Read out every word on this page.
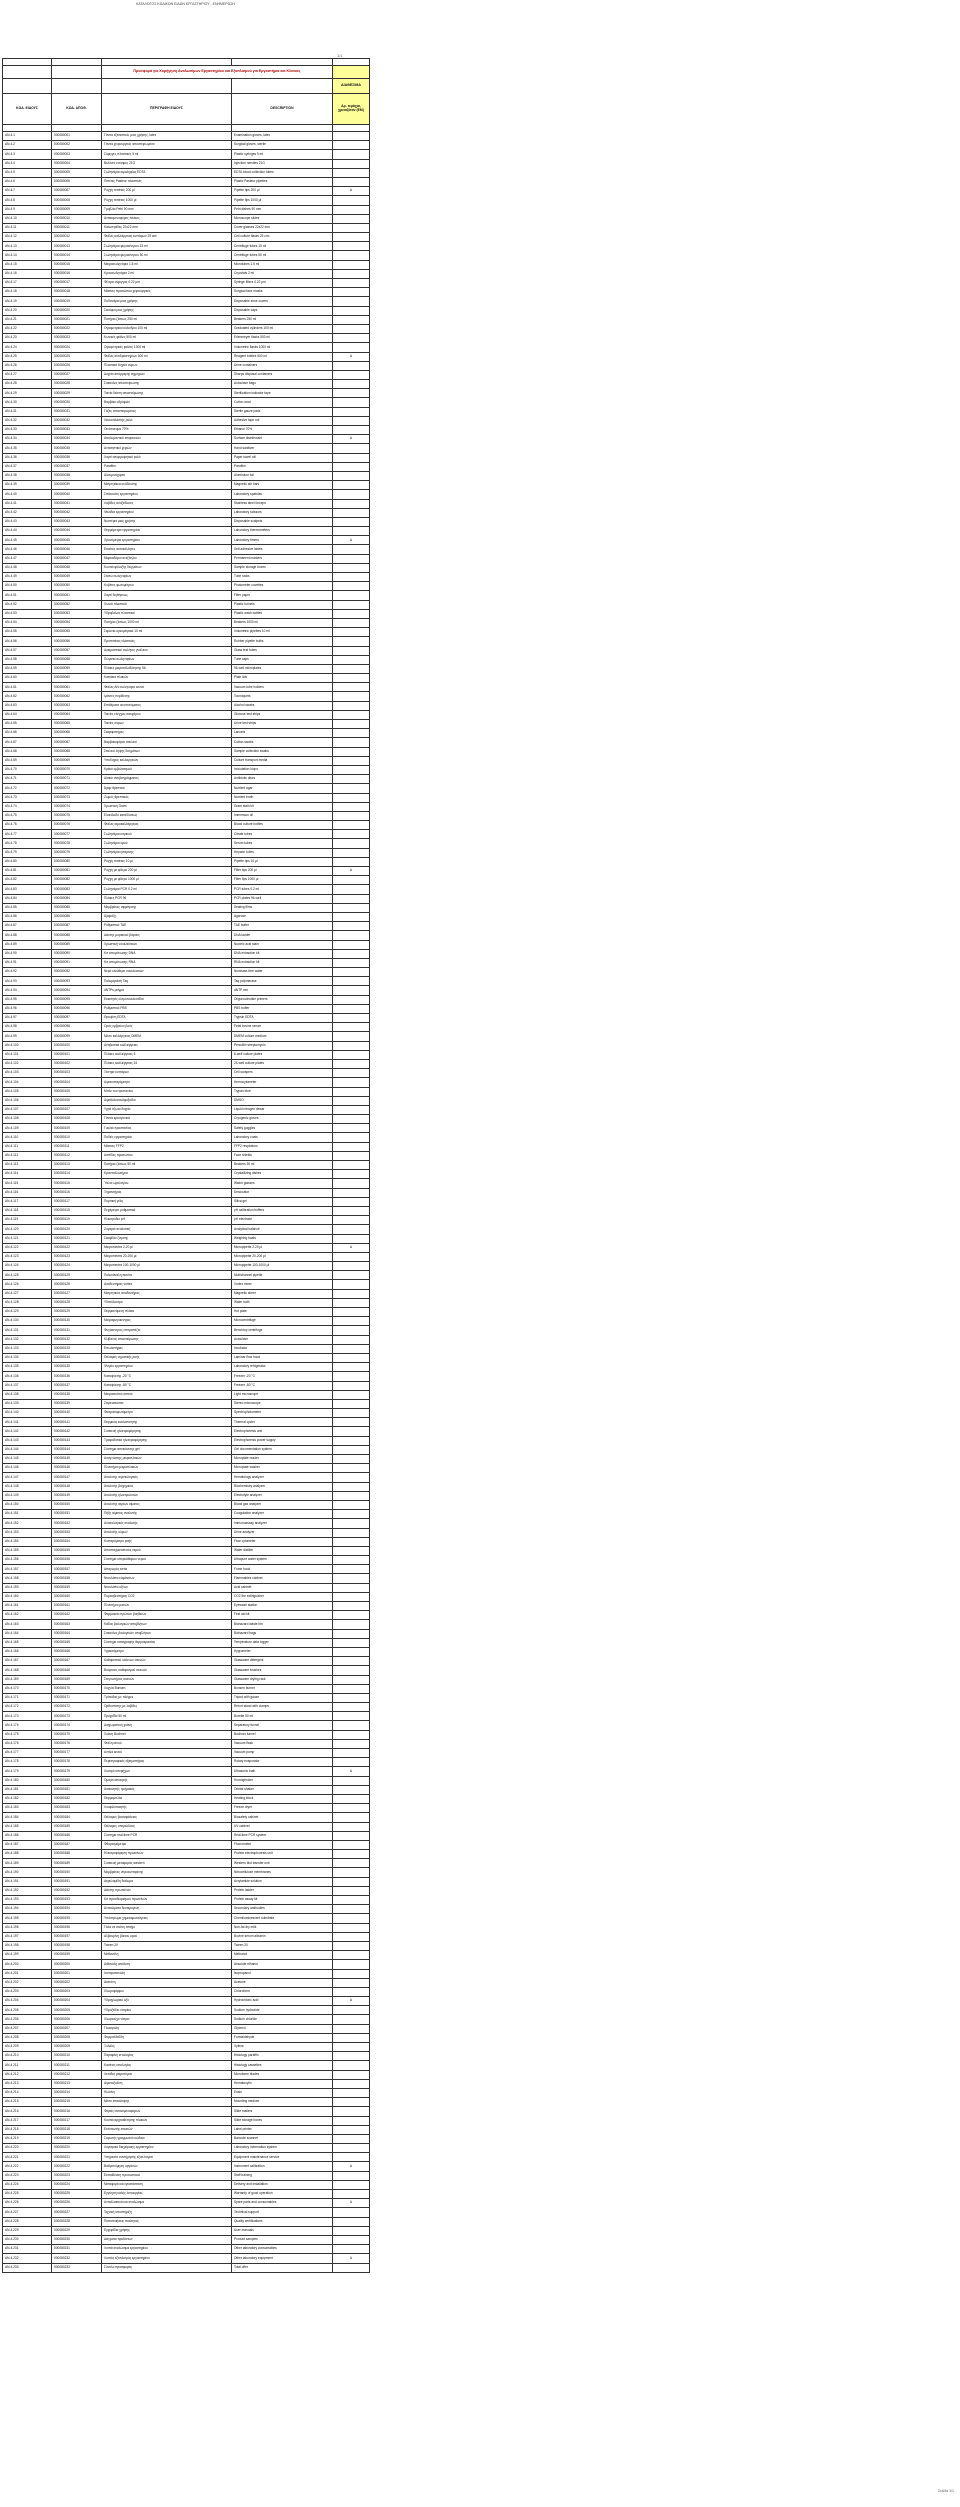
ΚΑΤΑΛΟΓΟΣ ΚΩΔΙΚΩΝ ΕΙΔΩΝ ΕΡΓΑΣΤΗΡΙΟΥ - ΕΝΗΜΕΡΩΣΗ
1/1

		Προσφορά για Χορήγηση Αναλωσίμων Εργαστηρίου και Εξοπλισμού για Εργαστήρια και Κλινικές		
				ΔΙΑΘΕΣΙΜΑ
ΚΩΔ. ΕΙΔΟΥΣ	ΚΩΔ. ΑΠΟΘ.	ΠΕΡΙΓΡΑΦΗ ΕΙΔΟΥΣ	DESCRIPTION	Αρ. τεμάχια, χρειαζόταν (ΕΜ)

ΑΝ-4.1	000080001	Γάντια εξεταστικά, μιας χρήσης, latex	Examination gloves, latex	
ΑΝ-4.2	000080002	Γάντια χειρουργικά, αποστειρωμένα	Surgical gloves, sterile	
ΑΝ-4.3	000080003	Σύριγγες πλαστικές 5 ml	Plastic syringes 5 ml	
ΑΝ-4.4	000080004	Βελόνες ενέσιμες 21G	Injection needles 21G	
ΑΝ-4.5	000080005	Σωληνάρια αιμοληψίας EDTA	EDTA blood collection tubes	
ΑΝ-4.6	000080006	Πιπέτες Pasteur πλαστικές	Plastic Pasteur pipettes	
ΑΝ-4.7	000080007	Ρύγχη πιπέτας 200 μl	Pipette tips 200 μl	Α
ΑΝ-4.8	000080008	Ρύγχη πιπέτας 1000 μl	Pipette tips 1000 μl	
ΑΝ-4.9	000080009	Τρυβλία Petri 90 mm	Petri dishes 90 mm	
ΑΝ-4.10	000080010	Αντικειμενοφόρες πλάκες	Microscope slides	
ΑΝ-4.11	000080011	Καλυπτρίδες 22x22 mm	Cover glasses 22x22 mm	
ΑΝ-4.12	000080012	Φιάλες καλλιέργειας κυττάρων 25 cm²	Cell culture flasks 25 cm²	
ΑΝ-4.13	000080013	Σωληνάρια φυγοκέντρου 15 ml	Centrifuge tubes 15 ml	
ΑΝ-4.14	000080014	Σωληνάρια φυγοκέντρου 50 ml	Centrifuge tubes 50 ml	
ΑΝ-4.15	000080015	Μικροσωληνάρια 1.5 ml	Microtubes 1.5 ml	
ΑΝ-4.16	000080016	Κρυοσωληνάρια 2 ml	Cryovials 2 ml	
ΑΝ-4.17	000080017	Φίλτρα σύριγγας 0.22 μm	Syringe filters 0.22 μm	
ΑΝ-4.18	000080018	Μάσκες προσώπου χειρουργικές	Surgical face masks	
ΑΝ-4.19	000080019	Ποδονάρια μιας χρήσης	Disposable shoe covers	
ΑΝ-4.20	000080020	Σκούφοι μιας χρήσης	Disposable caps	
ΑΝ-4.21	000080021	Ποτήρια ζέσεως 250 ml	Beakers 250 ml	
ΑΝ-4.22	000080022	Ογκομετρικοί κύλινδροι 100 ml	Graduated cylinders 100 ml	
ΑΝ-4.23	000080023	Κωνικές φιάλες 500 ml	Erlenmeyer flasks 500 ml	
ΑΝ-4.24	000080024	Ογκομετρικές φιάλες 1000 ml	Volumetric flasks 1000 ml	
ΑΝ-4.25	000080025	Φιάλες αντιδραστηρίων 500 ml	Reagent bottles 500 ml	Α
ΑΝ-4.26	000080026	Πλαστικά δοχεία ούρων	Urine containers	
ΑΝ-4.27	000080027	Δοχεία απόρριψης αιχμηρών	Sharps disposal containers	
ΑΝ-4.28	000080028	Σακούλες αποστείρωσης	Autoclave bags	
ΑΝ-4.29	000080029	Ταινία δείκτη αποστείρωσης	Sterilization indicator tape	
ΑΝ-4.30	000080030	Βαμβάκι υδρόφιλο	Cotton wool	
ΑΝ-4.31	000080031	Γάζες αποστειρωμένες	Sterile gauze pads	
ΑΝ-4.32	000080032	Λευκοπλάστης ρολό	Adhesive tape roll	
ΑΝ-4.33	000080033	Οινόπνευμα 70%	Ethanol 70%	
ΑΝ-4.34	000080034	Απολυμαντικό επιφανειών	Surface disinfectant	Α
ΑΝ-4.35	000080035	Αντισηπτικό χεριών	Hand sanitizer	
ΑΝ-4.36	000080036	Χαρτί απορροφητικό ρολό	Paper towel roll	
ΑΝ-4.37	000080037	Parafilm	Parafilm	
ΑΝ-4.38	000080038	Αλουμινόχαρτο	Aluminium foil	
ΑΝ-4.39	000080039	Μαγνητάκια ανάδευσης	Magnetic stir bars	
ΑΝ-4.40	000080040	Σπάτουλες εργαστηρίου	Laboratory spatulas	
ΑΝ-4.41	000080041	Λαβίδες ανοξείδωτες	Stainless steel forceps	
ΑΝ-4.42	000080042	Ψαλίδια εργαστηρίου	Laboratory scissors	
ΑΝ-4.43	000080043	Νυστέρια μιας χρήσης	Disposable scalpels	
ΑΝ-4.44	000080044	Θερμόμετρα εργαστηρίου	Laboratory thermometers	
ΑΝ-4.45	000080045	Χρονόμετρα εργαστηρίου	Laboratory timers	Α
ΑΝ-4.46	000080046	Ετικέτες αυτοκόλλητες	Self-adhesive labels	
ΑΝ-4.47	000080047	Μαρκαδόροι ανεξίτηλοι	Permanent markers	
ΑΝ-4.48	000080048	Κουτιά φύλαξης δειγμάτων	Sample storage boxes	
ΑΝ-4.49	000080049	Στατώ σωληναρίων	Tube racks	
ΑΝ-4.50	000080050	Κυβέτες φωτομέτρου	Photometer cuvettes	
ΑΝ-4.51	000080051	Χαρτί διηθήσεως	Filter paper	
ΑΝ-4.52	000080052	Χωνιά πλαστικά	Plastic funnels	
ΑΝ-4.53	000080053	Υδροβολείς πλαστικοί	Plastic wash bottles	
ΑΝ-4.54	000080054	Ποτήρια ζέσεως 1000 ml	Beakers 1000 ml	
ΑΝ-4.55	000080055	Σιφώνια ογκομετρικά 10 ml	Volumetric pipettes 10 ml	
ΑΝ-4.56	000080056	Προπιπέτες ελαστικές	Rubber pipette bulbs	
ΑΝ-4.57	000080057	Δοκιμαστικοί σωλήνες γυάλινοι	Glass test tubes	
ΑΝ-4.58	000080058	Πώματα σωληναρίων	Tube caps	
ΑΝ-4.59	000080059	Πλάκες μικροτιτλοδότησης 96	96-well microplates	
ΑΝ-4.60	000080060	Καπάκια πλακών	Plate lids	
ΑΝ-4.61	000080061	Φιάλες ΑΝ σωληνάριο κενού	Vacuum tube holders	
ΑΝ-4.62	000080062	Ιμάντες περίδεσης	Tourniquets	
ΑΝ-4.63	000080063	Επιθέματα οινοπνεύματος	Alcohol swabs	
ΑΝ-4.64	000080064	Ταινίες ελέγχου σακχάρου	Glucose test strips	
ΑΝ-4.65	000080065	Ταινίες ούρων	Urine test strips	
ΑΝ-4.66	000080066	Σκαρφιστήρες	Lancets	
ΑΝ-4.67	000080067	Βαμβακοφόροι στειλεοί	Cotton swabs	
ΑΝ-4.68	000080068	Στειλεοί λήψης δειγμάτων	Sample collection swabs	
ΑΝ-4.69	000080069	Υποδοχείς καλλιεργειών	Culture transport media	
ΑΝ-4.70	000080070	Κρίκοι εμβολιασμού	Inoculation loops	
ΑΝ-4.71	000080071	Δίσκοι αντιβιογράμματος	Antibiotic discs	
ΑΝ-4.72	000080072	Άγαρ θρεπτικό	Nutrient agar	
ΑΝ-4.73	000080073	Ζωμός θρεπτικός	Nutrient broth	
ΑΝ-4.74	000080074	Χρωστική Gram	Gram stain kit	
ΑΝ-4.75	000080075	Ελαιόλαδο καταδύσεως	Immersion oil	
ΑΝ-4.76	000080076	Φιάλες αιμοκαλλιέργειας	Blood culture bottles	
ΑΝ-4.77	000080077	Σωληνάρια κιτρικού	Citrate tubes	
ΑΝ-4.78	000080078	Σωληνάρια ορού	Serum tubes	
ΑΝ-4.79	000080079	Σωληνάρια ηπαρίνης	Heparin tubes	
ΑΝ-4.80	000080080	Ρύγχη πιπέτας 10 μl	Pipette tips 10 μl	
ΑΝ-4.81	000080081	Ρύγχη με φίλτρο 200 μl	Filter tips 200 μl	Α
ΑΝ-4.82	000080082	Ρύγχη με φίλτρο 1000 μl	Filter tips 1000 μl	
ΑΝ-4.83	000080083	Σωληνάρια PCR 0.2 ml	PCR tubes 0.2 ml	
ΑΝ-4.84	000080084	Πλάκες PCR 96	PCR plates 96-well	
ΑΝ-4.85	000080085	Μεμβράνες σφράγισης	Sealing films	
ΑΝ-4.86	000080086	Αγαρόζη	Agarose	
ΑΝ-4.87	000080087	Ρυθμιστικό TAE	TAE buffer	
ΑΝ-4.88	000080088	Δείκτης μοριακού βάρους	DNA ladder	
ΑΝ-4.89	000080089	Χρωστική νουκλεϊνικών	Nucleic acid stain	
ΑΝ-4.90	000080090	Κιτ απομόνωσης DNA	DNA extraction kit	
ΑΝ-4.91	000080091	Κιτ απομόνωσης RNA	RNA extraction kit	
ΑΝ-4.92	000080092	Νερό ελεύθερο νουκλεασών	Nuclease-free water	
ΑΝ-4.93	000080093	Πολυμεράση Taq	Taq polymerase	
ΑΝ-4.94	000080094	dNTPs μείγμα	dNTP mix	
ΑΝ-4.95	000080095	Εκκινητές ολιγονουκλεοτίδια	Oligonucleotide primers	
ΑΝ-4.96	000080096	Ρυθμιστικό PBS	PBS buffer	
ΑΝ-4.97	000080097	Θρυψίνη EDTA	Trypsin EDTA	
ΑΝ-4.98	000080098	Ορός εμβρύου βοός	Fetal bovine serum	
ΑΝ-4.99	000080099	Μέσο καλλιέργειας DMEM	DMEM culture medium	
ΑΝ-4.100	000080100	Αντιβιοτικά καλλιέργειας	Penicillin streptomycin	
ΑΝ-4.101	000080101	Πλάκες καλλιέργειας 6	6-well culture plates	
ΑΝ-4.102	000080102	Πλάκες καλλιέργειας 24	24-well culture plates	
ΑΝ-4.103	000080103	Ξέστρα κυττάρων	Cell scrapers	
ΑΝ-4.104	000080104	Αιμοκυτταρόμετρο	Hemocytometer	
ΑΝ-4.105	000080105	Μπλε του τρυπανίου	Trypan blue	
ΑΝ-4.106	000080106	Διμεθυλοσουλφοξείδιο	DMSO	
ΑΝ-4.107	000080107	Υγρό άζωτο δοχείο	Liquid nitrogen dewar	
ΑΝ-4.108	000080108	Γάντια κρυογονικά	Cryogenic gloves	
ΑΝ-4.109	000080109	Γυαλιά προστασίας	Safety goggles	
ΑΝ-4.110	000080110	Ποδιές εργαστηρίου	Laboratory coats	
ΑΝ-4.111	000080111	Μάσκες FFP2	FFP2 respirators	
ΑΝ-4.112	000080112	Ασπίδες προσώπου	Face shields	
ΑΝ-4.113	000080113	Ποτήρια ζέσεως 50 ml	Beakers 50 ml	
ΑΝ-4.114	000080114	Κρυσταλλωτήρια	Crystallizing dishes	
ΑΝ-4.115	000080115	Ύαλοι ωρολογίου	Watch glasses	
ΑΝ-4.116	000080116	Ξηραντήρας	Desiccator	
ΑΝ-4.117	000080117	Πυριτική γέλη	Silica gel	
ΑΝ-4.118	000080118	Πεχάμετρο ρυθμιστικά	pH calibration buffers	
ΑΝ-4.119	000080119	Ηλεκτρόδιο pH	pH electrode	
ΑΝ-4.120	000080120	Ζυγαριά αναλυτική	Analytical balance	
ΑΝ-4.121	000080121	Σκαφίδια ζύγισης	Weighing boats	
ΑΝ-4.122	000080122	Μικροπιπέτα 2-20 μl	Micropipette 2-20 μl	Α
ΑΝ-4.123	000080123	Μικροπιπέτα 20-200 μl	Micropipette 20-200 μl	
ΑΝ-4.124	000080124	Μικροπιπέτα 100-1000 μl	Micropipette 100-1000 μl	
ΑΝ-4.125	000080125	Πολυκάναλη πιπέτα	Multichannel pipette	
ΑΝ-4.126	000080126	Αναδευτήρας vortex	Vortex mixer	
ΑΝ-4.127	000080127	Μαγνητικός αναδευτήρας	Magnetic stirrer	
ΑΝ-4.128	000080128	Υδατόλουτρο	Water bath	
ΑΝ-4.129	000080129	Θερμαινόμενη πλάκα	Hot plate	
ΑΝ-4.130	000080130	Μικροφυγόκεντρος	Microcentrifuge	
ΑΝ-4.131	000080131	Φυγόκεντρος επιτραπέζια	Benchtop centrifuge	
ΑΝ-4.132	000080132	Κλίβανος αποστείρωσης	Autoclave	
ΑΝ-4.133	000080133	Επωαστήρας	Incubator	
ΑΝ-4.134	000080134	Θάλαμος νηματικής ροής	Laminar flow hood	
ΑΝ-4.135	000080135	Ψυγείο εργαστηρίου	Laboratory refrigerator	
ΑΝ-4.136	000080136	Καταψύκτης -20 °C	Freezer -20 °C	
ΑΝ-4.137	000080137	Καταψύκτης -80 °C	Freezer -80 °C	
ΑΝ-4.138	000080138	Μικροσκόπιο οπτικό	Light microscope	
ΑΝ-4.139	000080139	Στερεοσκόπιο	Stereo microscope	
ΑΝ-4.140	000080140	Φασματοφωτόμετρο	Spectrophotometer	
ΑΝ-4.141	000080141	Θερμικός κυκλοποιητής	Thermal cycler	
ΑΝ-4.142	000080142	Συσκευή ηλεκτροφόρησης	Electrophoresis unit	
ΑΝ-4.143	000080143	Τροφοδοτικό ηλεκτροφόρησης	Electrophoresis power supply	
ΑΝ-4.144	000080144	Σύστημα απεικόνισης gel	Gel documentation system	
ΑΝ-4.145	000080145	Αναγνώστης μικροπλακών	Microplate reader	
ΑΝ-4.146	000080146	Πλυντήριο μικροπλακών	Microplate washer	
ΑΝ-4.147	000080147	Αναλυτής αιματολογικός	Hematology analyzer	
ΑΝ-4.148	000080148	Αναλυτής βιοχημικός	Biochemistry analyzer	
ΑΝ-4.149	000080149	Αναλυτής ηλεκτρολυτών	Electrolyte analyzer	
ΑΝ-4.150	000080150	Αναλυτής αερίων αίματος	Blood gas analyzer	
ΑΝ-4.151	000080151	Πήξη αίματος αναλυτής	Coagulation analyzer	
ΑΝ-4.152	000080152	Ανοσολογικός αναλυτής	Immunoassay analyzer	
ΑΝ-4.153	000080153	Αναλυτής ούρων	Urine analyzer	
ΑΝ-4.154	000080154	Κυτταρόμετρο ροής	Flow cytometer	
ΑΝ-4.155	000080155	Αποσταγματοποιός νερού	Water distiller	
ΑΝ-4.156	000080156	Σύστημα υπερκάθαρου νερού	Ultrapure water system	
ΑΝ-4.157	000080157	Απαγωγός εστία	Fume hood	
ΑΝ-4.158	000080158	Ντουλάπα εύφλεκτων	Flammables cabinet	
ΑΝ-4.159	000080159	Ντουλάπα οξέων	Acid cabinet	
ΑΝ-4.160	000080160	Πυροσβεστήρας CO2	CO2 fire extinguisher	
ΑΝ-4.161	000080161	Πλυντήριο ματιών	Eyewash station	
ΑΝ-4.162	000080162	Φαρμακείο πρώτων βοηθειών	First aid kit	
ΑΝ-4.163	000080163	Κάδος βιολογικών αποβλήτων	Biohazard waste bin	
ΑΝ-4.164	000080164	Σακούλες βιολογικών αποβλήτων	Biohazard bags	
ΑΝ-4.165	000080165	Σύστημα καταγραφής θερμοκρασίας	Temperature data logger	
ΑΝ-4.166	000080166	Υγρασιόμετρο	Hygrometer	
ΑΝ-4.167	000080167	Καθαριστικό υάλινων σκευών	Glassware detergent	
ΑΝ-4.168	000080168	Βούρτσες καθαρισμού σκευών	Glassware brushes	
ΑΝ-4.169	000080169	Στεγνωτήρας σκευών	Glassware drying rack	
ΑΝ-4.170	000080170	Λυχνία Bunsen	Bunsen burner	
ΑΝ-4.171	000080171	Τρίποδας με πλέγμα	Tripod with gauze	
ΑΝ-4.172	000080172	Ορθοστάτης με λαβίδες	Retort stand with clamps	
ΑΝ-4.173	000080173	Προχοΐδα 50 ml	Burette 50 ml	
ΑΝ-4.174	000080174	Διαχωριστική χοάνη	Separatory funnel	
ΑΝ-4.175	000080175	Χοάνη Buchner	Buchner funnel	
ΑΝ-4.176	000080176	Φιάλη κενού	Vacuum flask	
ΑΝ-4.177	000080177	Αντλία κενού	Vacuum pump	
ΑΝ-4.178	000080178	Περιστροφικός εξατμιστήρας	Rotary evaporator	
ΑΝ-4.179	000080179	Λουτρό υπερήχων	Ultrasonic bath	Α
ΑΝ-4.180	000080180	Ομογενοποιητής	Homogenizer	
ΑΝ-4.181	000080181	Ανακινητής τροχιακός	Orbital shaker	
ΑΝ-4.182	000080182	Θερμομπλόκ	Heating block	
ΑΝ-4.183	000080183	Λυοφιλοποιητής	Freeze dryer	
ΑΝ-4.184	000080184	Θάλαμος βιοασφάλειας	Biosafety cabinet	
ΑΝ-4.185	000080185	Θάλαμος υπεριώδους	UV cabinet	
ΑΝ-4.186	000080186	Σύστημα real-time PCR	Real-time PCR system	
ΑΝ-4.187	000080187	Φθορισμόμετρο	Fluorometer	
ΑΝ-4.188	000080188	Ηλεκτροφόρηση πρωτεϊνών	Protein electrophoresis unit	
ΑΝ-4.189	000080189	Συσκευή μεταφοράς western	Western blot transfer unit	
ΑΝ-4.190	000080190	Μεμβράνες νιτροκυτταρίνης	Nitrocellulose membranes	
ΑΝ-4.191	000080191	Ακρυλαμίδη διάλυμα	Acrylamide solution	
ΑΝ-4.192	000080192	Δείκτης πρωτεϊνών	Protein ladder	
ΑΝ-4.193	000080193	Κιτ προσδιορισμού πρωτεϊνών	Protein assay kit	
ΑΝ-4.194	000080194	Αντισώματα δευτερογενή	Secondary antibodies	
ΑΝ-4.195	000080195	Υπόστρωμα χημειοφωταύγειας	Chemiluminescent substrate	
ΑΝ-4.196	000080196	Γάλα σε σκόνη άπαχο	Non-fat dry milk	
ΑΝ-4.197	000080197	Αλβουμίνη βόειου ορού	Bovine serum albumin	
ΑΝ-4.198	000080198	Tween 20	Tween 20	
ΑΝ-4.199	000080199	Μεθανόλη	Methanol	
ΑΝ-4.200	000080200	Αιθανόλη απόλυτη	Absolute ethanol	
ΑΝ-4.201	000080201	Ισοπροπανόλη	Isopropanol	
ΑΝ-4.202	000080202	Ακετόνη	Acetone	
ΑΝ-4.203	000080203	Χλωροφόρμιο	Chloroform	
ΑΝ-4.204	000080204	Υδροχλωρικό οξύ	Hydrochloric acid	Α
ΑΝ-4.205	000080205	Υδροξείδιο νατρίου	Sodium hydroxide	
ΑΝ-4.206	000080206	Χλωριούχο νάτριο	Sodium chloride	
ΑΝ-4.207	000080207	Γλυκερόλη	Glycerol	
ΑΝ-4.208	000080208	Φορμαλδεΰδη	Formaldehyde	
ΑΝ-4.209	000080209	Ξυλόλη	Xylene	
ΑΝ-4.210	000080210	Παραφίνη ιστολογίας	Histology paraffin	
ΑΝ-4.211	000080211	Κασέτες ιστολογίας	Histology cassettes	
ΑΝ-4.212	000080212	Λεπίδες μικροτόμου	Microtome blades	
ΑΝ-4.213	000080213	Αιματοξυλίνη	Hematoxylin	
ΑΝ-4.214	000080214	Ηωσίνη	Eosin	
ΑΝ-4.215	000080215	Μέσο επικάλυψης	Mounting medium	
ΑΝ-4.216	000080216	Φορείς αντικειμενοφόρων	Slide mailers	
ΑΝ-4.217	000080217	Κουτιά αρχειοθέτησης πλακών	Slide storage boxes	
ΑΝ-4.218	000080218	Εκτυπωτής ετικετών	Label printer	
ΑΝ-4.219	000080219	Σαρωτής γραμμωτού κώδικα	Barcode scanner	
ΑΝ-4.220	000080220	Λογισμικό διαχείρισης εργαστηρίου	Laboratory information system	
ΑΝ-4.221	000080221	Υπηρεσία συντήρησης εξοπλισμού	Equipment maintenance service	
ΑΝ-4.222	000080222	Βαθμονόμηση οργάνων	Instrument calibration	Α
ΑΝ-4.223	000080223	Εκπαίδευση προσωπικού	Staff training	
ΑΝ-4.224	000080224	Μεταφορά και εγκατάσταση	Delivery and installation	
ΑΝ-4.225	000080225	Εγγύηση καλής λειτουργίας	Warranty of good operation	
ΑΝ-4.226	000080226	Ανταλλακτικά και αναλώσιμα	Spare parts and consumables	Α
ΑΝ-4.227	000080227	Τεχνική υποστήριξη	Technical support	
ΑΝ-4.228	000080228	Πιστοποιήσεις ποιότητας	Quality certifications	
ΑΝ-4.229	000080229	Εγχειρίδια χρήσης	User manuals	
ΑΝ-4.230	000080230	Δείγματα προϊόντων	Product samples	
ΑΝ-4.231	000080231	Λοιπά αναλώσιμα εργαστηρίου	Other laboratory consumables	
ΑΝ-4.232	000080232	Λοιπός εξοπλισμός εργαστηρίου	Other laboratory equipment	Α
ΑΝ-4.233	000080233	Σύνολο προσφοράς	Total offer	
Σελίδα 1/1
